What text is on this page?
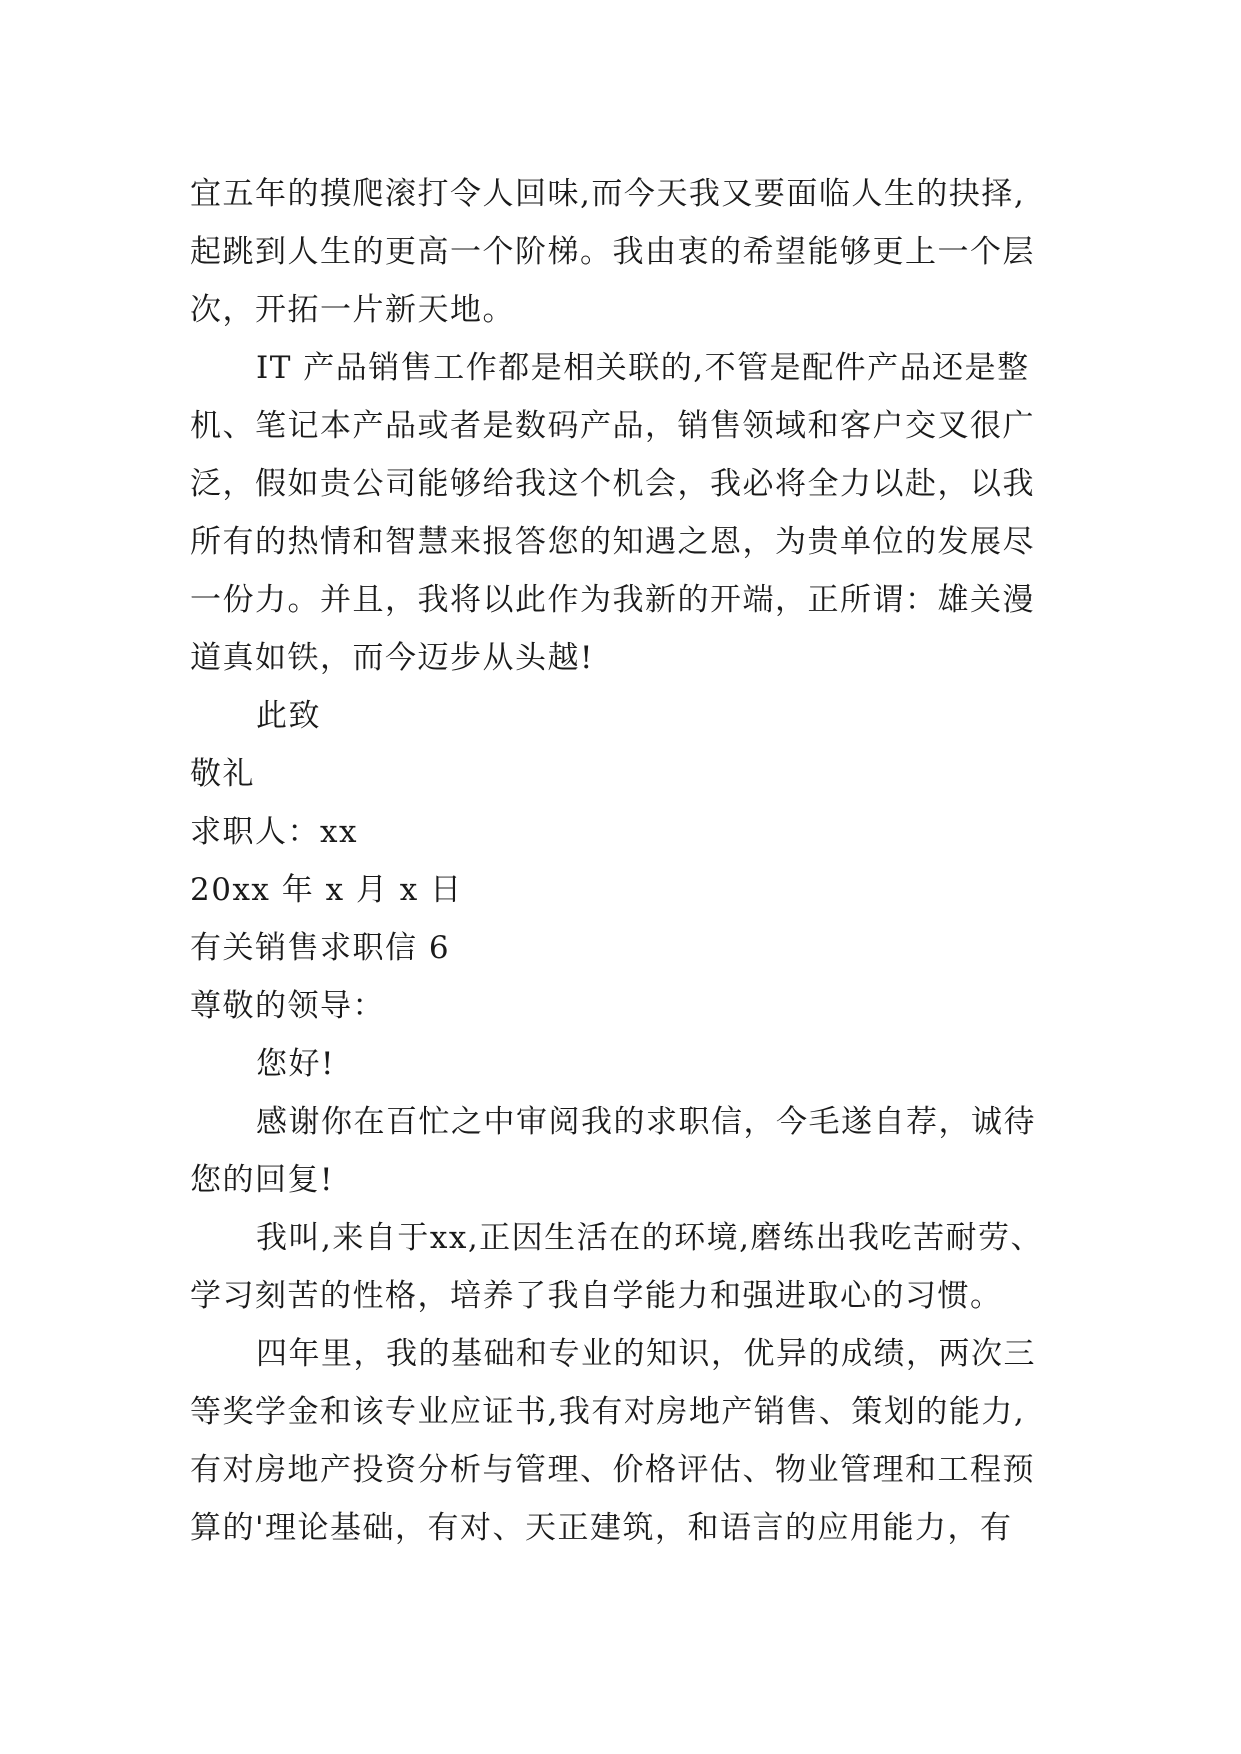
宜五年的摸爬滚打令人回味,而今天我又要面临人生的抉择,
起跳到人生的更高一个阶梯。我由衷的希望能够更上一个层
次，开拓一片新天地。
IT 产品销售工作都是相关联的,不管是配件产品还是整
机、笔记本产品或者是数码产品，销售领域和客户交叉很广
泛，假如贵公司能够给我这个机会，我必将全力以赴，以我
所有的热情和智慧来报答您的知遇之恩，为贵单位的发展尽
一份力。并且，我将以此作为我新的开端，正所谓：雄关漫
道真如铁，而今迈步从头越!
此致
敬礼
求职人：xx
20xx 年 x 月 x 日
有关销售求职信 6
尊敬的领导：
您好!
感谢你在百忙之中审阅我的求职信，今毛遂自荐，诚待
您的回复!
我叫,来自于xx,正因生活在的环境,磨练出我吃苦耐劳、
学习刻苦的性格，培养了我自学能力和强进取心的习惯。
四年里，我的基础和专业的知识，优异的成绩，两次三
等奖学金和该专业应证书,我有对房地产销售、策划的能力,
有对房地产投资分析与管理、价格评估、物业管理和工程预
算的'理论基础，有对、天正建筑，和语言的应用能力，有
